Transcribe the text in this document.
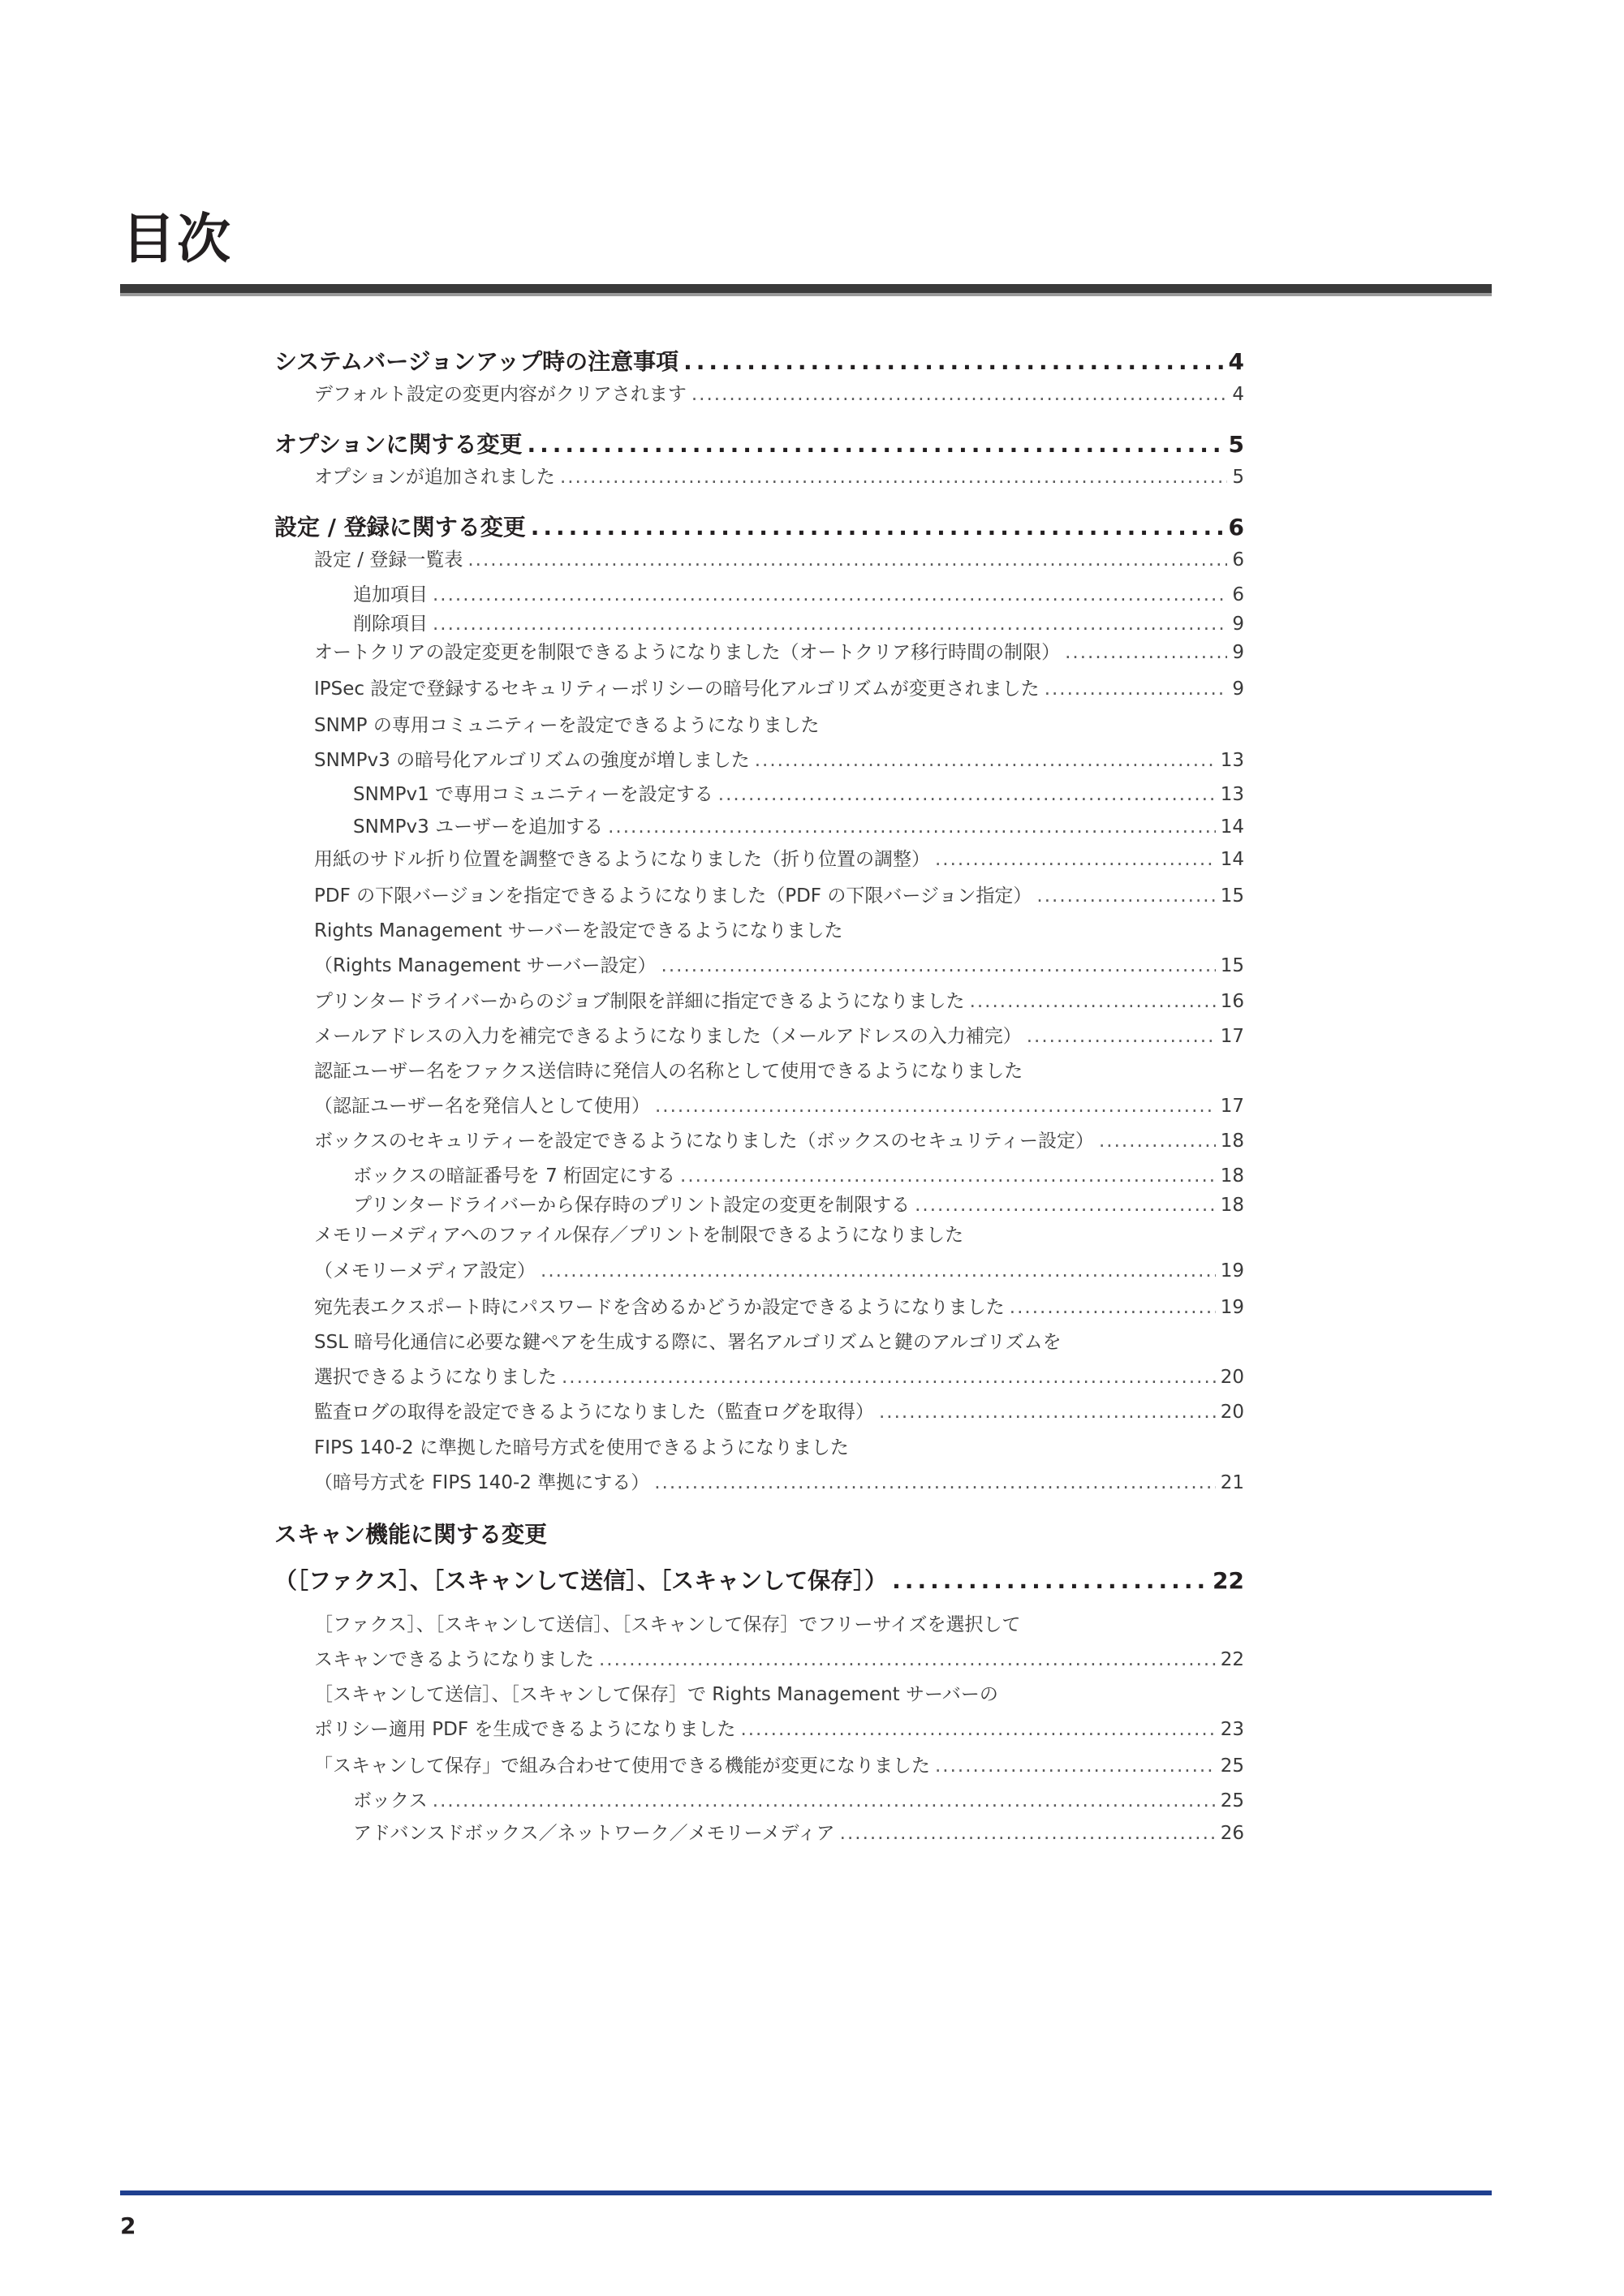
目次
システムバージョンアップ時の注意事項 .....	4
デフォルト設定の変更内容がクリアされます .....	4
オプションに関する変更 .....	5
オプションが追加されました .....	5
設定 / 登録に関する変更 .....	6
設定 / 登録一覧表 .....	6
追加項目 .....	6
削除項目 .....	9
オートクリアの設定変更を制限できるようになりました（オートクリア移行時間の制限） .....	9
IPSec 設定で登録するセキュリティーポリシーの暗号化アルゴリズムが変更されました .....	9
SNMP の専用コミュニティーを設定できるようになりました
SNMPv3 の暗号化アルゴリズムの強度が増しました .....	13
SNMPv1 で専用コミュニティーを設定する .....	13
SNMPv3 ユーザーを追加する .....	14
用紙のサドル折り位置を調整できるようになりました（折り位置の調整） .....	14
PDF の下限バージョンを指定できるようになりました（PDF の下限バージョン指定） .....	15
Rights Management サーバーを設定できるようになりました
（Rights Management サーバー設定） .....	15
プリンタードライバーからのジョブ制限を詳細に指定できるようになりました .....	16
メールアドレスの入力を補完できるようになりました（メールアドレスの入力補完） .....	17
認証ユーザー名をファクス送信時に発信人の名称として使用できるようになりました
（認証ユーザー名を発信人として使用） .....	17
ボックスのセキュリティーを設定できるようになりました（ボックスのセキュリティー設定） .....	18
ボックスの暗証番号を 7 桁固定にする .....	18
プリンタードライバーから保存時のプリント設定の変更を制限する .....	18
メモリーメディアへのファイル保存／プリントを制限できるようになりました
（メモリーメディア設定） .....	19
宛先表エクスポート時にパスワードを含めるかどうか設定できるようになりました .....	19
SSL 暗号化通信に必要な鍵ペアを生成する際に、署名アルゴリズムと鍵のアルゴリズムを
選択できるようになりました .....	20
監査ログの取得を設定できるようになりました（監査ログを取得） .....	20
FIPS 140-2 に準拠した暗号方式を使用できるようになりました
（暗号方式を FIPS 140-2 準拠にする） .....	21
スキャン機能に関する変更
（［ファクス］、［スキャンして送信］、［スキャンして保存］） .....	22
［ファクス］、［スキャンして送信］、［スキャンして保存］でフリーサイズを選択して
スキャンできるようになりました .....	22
［スキャンして送信］、［スキャンして保存］で Rights Management サーバーの
ポリシー適用 PDF を生成できるようになりました .....	23
「スキャンして保存」で組み合わせて使用できる機能が変更になりました .....	25
ボックス .....	25
アドバンスドボックス／ネットワーク／メモリーメディア .....	26
2
